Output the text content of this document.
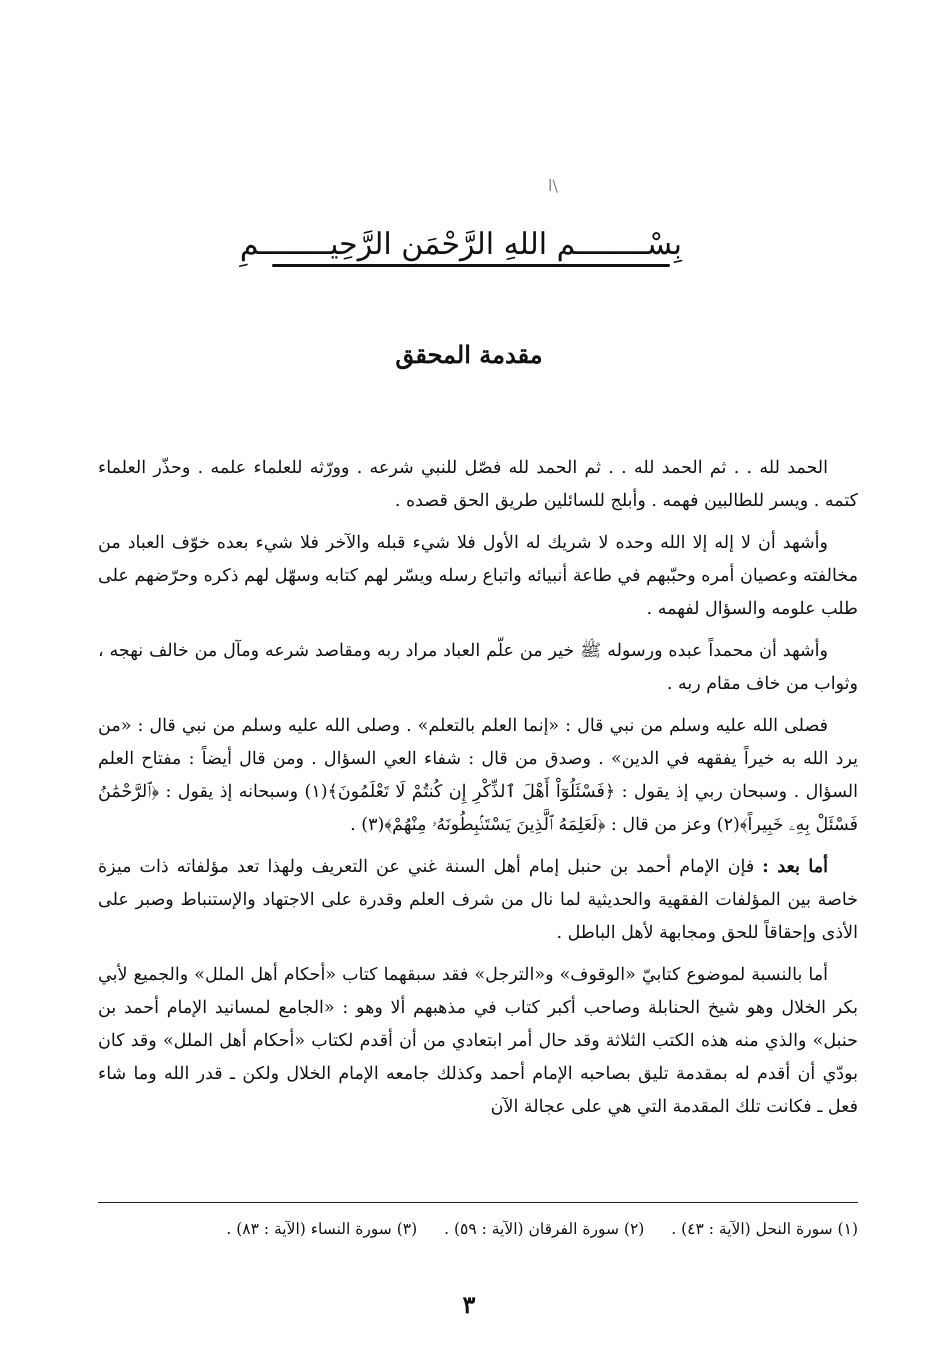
ا\
بِسْــــــــمِ اللهِ الرَّحْمَنِ الرَّحِيــــــــمِ
مقدمة المحقق

الحمد لله . . ثم الحمد لله . . ثم الحمد لله فصّل للنبي شرعه . وورّثه للعلماء علمه . وحذّر العلماء كتمه . ويسر للطالبين فهمه . وأبلج للسائلين طريق الحق قصده .

وأشهد أن لا إله إلا الله وحده لا شريك له الأول فلا شيء قبله والآخر فلا شيء بعده خوّف العباد من مخالفته وعصيان أمره وحبّبهم في طاعة أنبيائه واتباع رسله ويسّر لهم كتابه وسهّل لهم ذكره وحرّضهم على طلب علومه والسؤال لفهمه .

وأشهد أن محمداً عبده ورسوله ﷺ خير من علّم العباد مراد ربه ومقاصد شرعه ومآل من خالف نهجه ، وثواب من خاف مقام ربه .

فصلى الله عليه وسلم من نبي قال : «إنما العلم بالتعلم» . وصلى الله عليه وسلم من نبي قال : «من يرد الله به خيراً يفقهه في الدين» . وصدق من قال : شفاء العي السؤال . ومن قال أيضاً : مفتاح العلم السؤال . وسبحان ربي إذ يقول : ﴿فَسْئَلُوٓاْ أَهْلَ ٱلذِّكْرِ إِن كُنتُمْ لَا تَعْلَمُونَ﴾(١) وسبحانه إذ يقول : ﴿ٱلرَّحْمَٰنُ فَسْئَلْ بِهِۦ خَبِيراً﴾(٢) وعز من قال : ﴿لَعَلِمَهُ ٱلَّذِينَ يَسْتَنۢبِطُونَهُۥ مِنْهُمْ﴾(٣) .

أما بعد : فإن الإمام أحمد بن حنبل إمام أهل السنة غني عن التعريف ولهذا تعد مؤلفاته ذات ميزة خاصة بين المؤلفات الفقهية والحديثية لما نال من شرف العلم وقدرة على الاجتهاد والإستنباط وصبر على الأذى وإحقاقاً للحق ومجابهة لأهل الباطل .

أما بالنسبة لموضوع كتابيّ «الوقوف» و«الترجل» فقد سبقهما كتاب «أحكام أهل الملل» والجميع لأبي بكر الخلال وهو شيخ الحنابلة وصاحب أكبر كتاب في مذهبهم ألا وهو : «الجامع لمسانيد الإمام أحمد بن حنبل» والذي منه هذه الكتب الثلاثة وقد حال أمر ابتعادي من أن أقدم لكتاب «أحكام أهل الملل» وقد كان بودّي أن أقدم له بمقدمة تليق بصاحبه الإمام أحمد وكذلك جامعه الإمام الخلال ولكن ـ قدر الله وما شاء فعل ـ فكانت تلك المقدمة التي هي على عجالة الآن

(١) سورة النحل (الآية : ٤٣) . (٢) سورة الفرقان (الآية : ٥٩) . (٣) سورة النساء (الآية : ٨٣) .
٣
